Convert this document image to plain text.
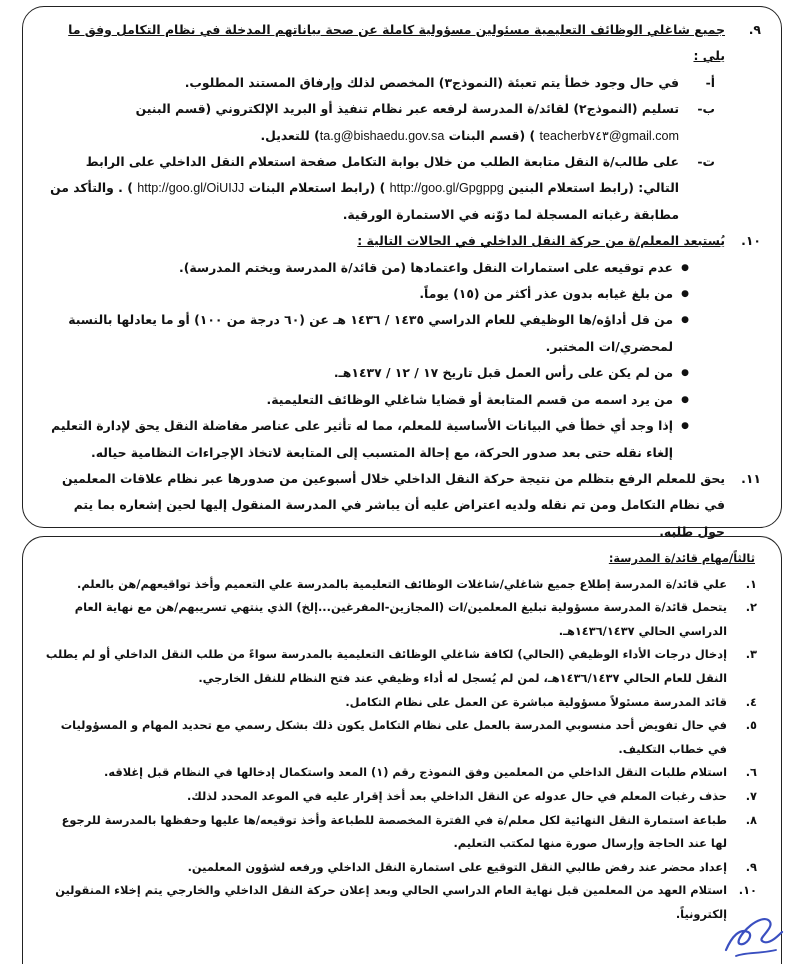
٩.
جميع شاغلي الوظائف التعليمية مسئولين مسؤولية كاملة عن صحة بياناتهم المدخلة في نظام التكامل وفق ما يلي :

أ-
في حال وجود خطأ يتم تعبئة (النموذج٣) المخصص لذلك وإرفاق المستند المطلوب.

ب-
تسليم (النموذج٢) لقائد/ة المدرسة لرفعه عبر نظام تنفيذ أو البريد الإلكتروني (قسم البنين teacherb٧٤٣@gmail.com ) (قسم البنات ta.g@bishaedu.gov.sa) للتعديل.

ت-
على طالب/ة النقل متابعة الطلب من خلال بوابة التكامل صفحة استعلام النقل الداخلي على الرابط التالي: (رابط استعلام البنين http://goo.gl/Gpgppg ) (رابط استعلام البنات http://goo.gl/OiUIJJ ) . والتأكد من مطابقة رغباته المسجلة لما دوّنه في الاستمارة الورقية.

١٠.
يُستبعد المعلم/ة من حركة النقل الداخلي في الحالات التالية :

● عدم توقيعه على استمارات النقل واعتمادها (من قائد/ة المدرسة ويختم المدرسة).
● من بلغ غيابه بدون عذر أكثر من (١٥) يوماً.
● من قل أداؤه/ها الوظيفي للعام الدراسي ١٤٣٥ / ١٤٣٦ هـ عن (٦٠ درجة من ١٠٠) أو ما يعادلها بالنسبة لمحضري/ات المختبر.
● من لم يكن على رأس العمل قبل تاريخ ١٧ / ١٢ / ١٤٣٧هـ.
● من يرد اسمه من قسم المتابعة أو قضايا شاغلي الوظائف التعليمية.
● إذا وجد أي خطأ في البيانات الأساسية للمعلم، مما له تأثير على عناصر مفاضلة النقل يحق لإدارة التعليم إلغاء نقله حتى بعد صدور الحركة، مع إحالة المتسبب إلى المتابعة لاتخاذ الإجراءات النظامية حياله.

١١.
يحق للمعلم الرفع بتظلم من نتيجة حركة النقل الداخلي خلال أسبوعين من صدورها عبر نظام علاقات المعلمين في نظام التكامل ومن تم نقله ولديه اعتراض عليه أن يباشر في المدرسة المنقول إليها لحين إشعاره بما يتم حول طلبه.

ثالثاً/مهام قائد/ة المدرسة:

١.
علي قائد/ة المدرسة إطلاع جميع شاغلي/شاغلات الوظائف التعليمية بالمدرسة علي التعميم وأخذ تواقيعهم/هن بالعلم.

٢.
يتحمل قائد/ة المدرسة مسؤولية تبليغ المعلمين/ات (المجازين-المفرغين...إلخ) الذي ينتهي تسريبهم/هن مع نهاية العام الدراسي الحالي ١٤٣٦/١٤٣٧هـ.

٣.
إدخال درجات الأداء الوظيفي (الحالي) لكافة شاغلي الوظائف التعليمية بالمدرسة سواءً من طلب النقل الداخلي أو لم يطلب النقل للعام الحالي ١٤٣٦/١٤٣٧هـ، لمن لم يُسجل له أداء وظيفي عند فتح النظام للنقل الخارجي.

٤.
قائد المدرسة مسئولاً مسؤولية مباشرة عن العمل على نظام التكامل.

٥.
في حال تفويض أحد منسوبي المدرسة بالعمل على نظام التكامل يكون ذلك بشكل رسمي مع تحديد المهام و المسؤوليات في خطاب التكليف.

٦.
استلام طلبات النقل الداخلي من المعلمين وفق النموذج رقم (١) المعد واستكمال إدخالها في النظام قبل إغلاقه.

٧.
حذف رغبات المعلم في حال عدوله عن النقل الداخلي بعد أخذ إقرار عليه في الموعد المحدد لذلك.

٨.
طباعة استمارة النقل النهائية لكل معلم/ة في الفترة المخصصة للطباعة وأخذ توقيعه/ها عليها وحفظها بالمدرسة للرجوع لها عند الحاجة وإرسال صورة منها لمكتب التعليم.

٩.
إعداد محضر عند رفض طالبي النقل التوقيع على استمارة النقل الداخلي ورفعه لشؤون المعلمين.

١٠.
استلام العهد من المعلمين قبل نهاية العام الدراسي الحالي وبعد إعلان حركة النقل الداخلي والخارجي يتم إخلاء المنقولين إلكترونياً.
